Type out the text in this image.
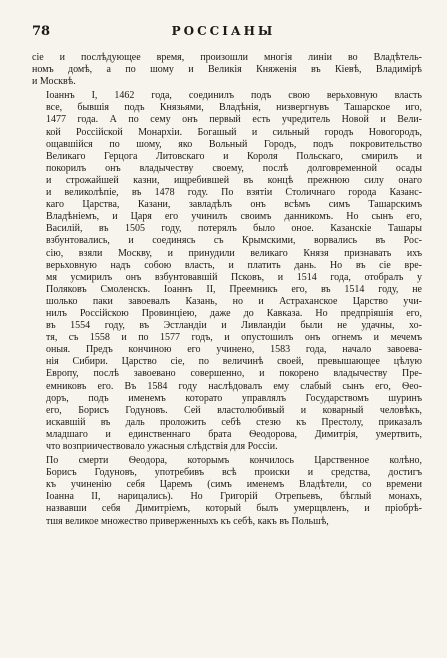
78	РОССІАНЫ

сіе и послѣдующее время, произошли многія линіи во Владѣтель-
номъ домѣ, а по шому и Великія Княженія въ Кіевѣ, Владимірѣ
и Москвѣ.

Іоаннъ I, 1462 года, соединилъ подъ свою верьховную власть
все, бывшія подъ Князьями, Владѣнія, низвергнувъ Ташарское иго,
1477 года. А по сему онъ первый есть учредитель Новой и Вели-
кой Россійской Монархіи. Богашый и сильный городъ Новогородъ,
ощавшійся по шому, яко Вольный Городъ, подъ покровительство
Великаго Герцога Литовскаго и Короля Польскаго, смирилъ и
покорилъ онъ владычеству своему, послѣ долговременной осады
и строжайшей казни, ищребившей въ концѣ прежнюю силу онаго
и великолѣпіе, въ 1478 году. По взятіи Столичнаго города Казанс-
каго Царства, Казани, завладѣлъ онъ всѣмъ симъ Ташарскимъ
Владѣніемъ, и Царя его учинилъ своимъ данникомъ. Но сынъ его,
Василій, въ 1505 году, потерялъ было оное. Казанскіе Ташары
взбунтовались, и соединясь съ Крымскими, ворвались въ Рос-
сію, взяли Москву, и принудили великаго Князя признавать ихъ
верьховную надъ собою власть, и платить дань. Но въ сіе вре-
мя усмирилъ онъ взбунтовавшій Псковъ, и 1514 года, отобралъ у
Поляковъ Смоленскъ. Іоаннъ II, Преемникъ его, въ 1514 году, не
шолько паки завоевалъ Казань, но и Астраханское Царство учи-
нилъ Россійскою Провинціею, даже до Кавказа. Но предпріяшія его,
въ 1554 году, въ Эстландіи и Ливландіи были не удачны, хо-
тя, съ 1558 и по 1577 годъ, и опустошилъ онъ огнемъ и мечемъ
оныя. Предъ кончиною его учинено, 1583 года, начало завоева-
нія Сибири. Царство сіе, по величинѣ своей, превышающее цѣлую
Европу, послѣ завоевано совершенно, и покорено владычеству Пре-
емниковъ его. Въ 1584 году наслѣдовалъ ему слабый сынъ его, Ѳео-
доръ, подъ именемъ которато управлялъ Государствомъ шуринъ
его, Борисъ Годуновъ. Сей властолюбивый и коварный человѣкъ,
искавшій въ даль проложить себѣ стезю къ Престолу, приказалъ
младшаго и единственнаго брата Ѳеодорова, Димитрія, умертвить,
что возприичествовало ужасныя слѣдствія для Россіи.

По смерти Ѳеодора, которымъ кончилось Царственное колѣно,
Борисъ Годуновъ, употребивъ всѣ происки и средства, достигъ
къ учиненію себя Царемъ (симъ именемъ Владѣтели, со времени
Іоанна II, нарицались). Но Григорій Отрепьевъ, бѣглый монахъ,
назвавши себя Димитріемъ, который былъ умерщвленъ, и пріобрѣ-
тшя великое множество приверженныхъ къ себѣ, какъ въ Польшѣ,
